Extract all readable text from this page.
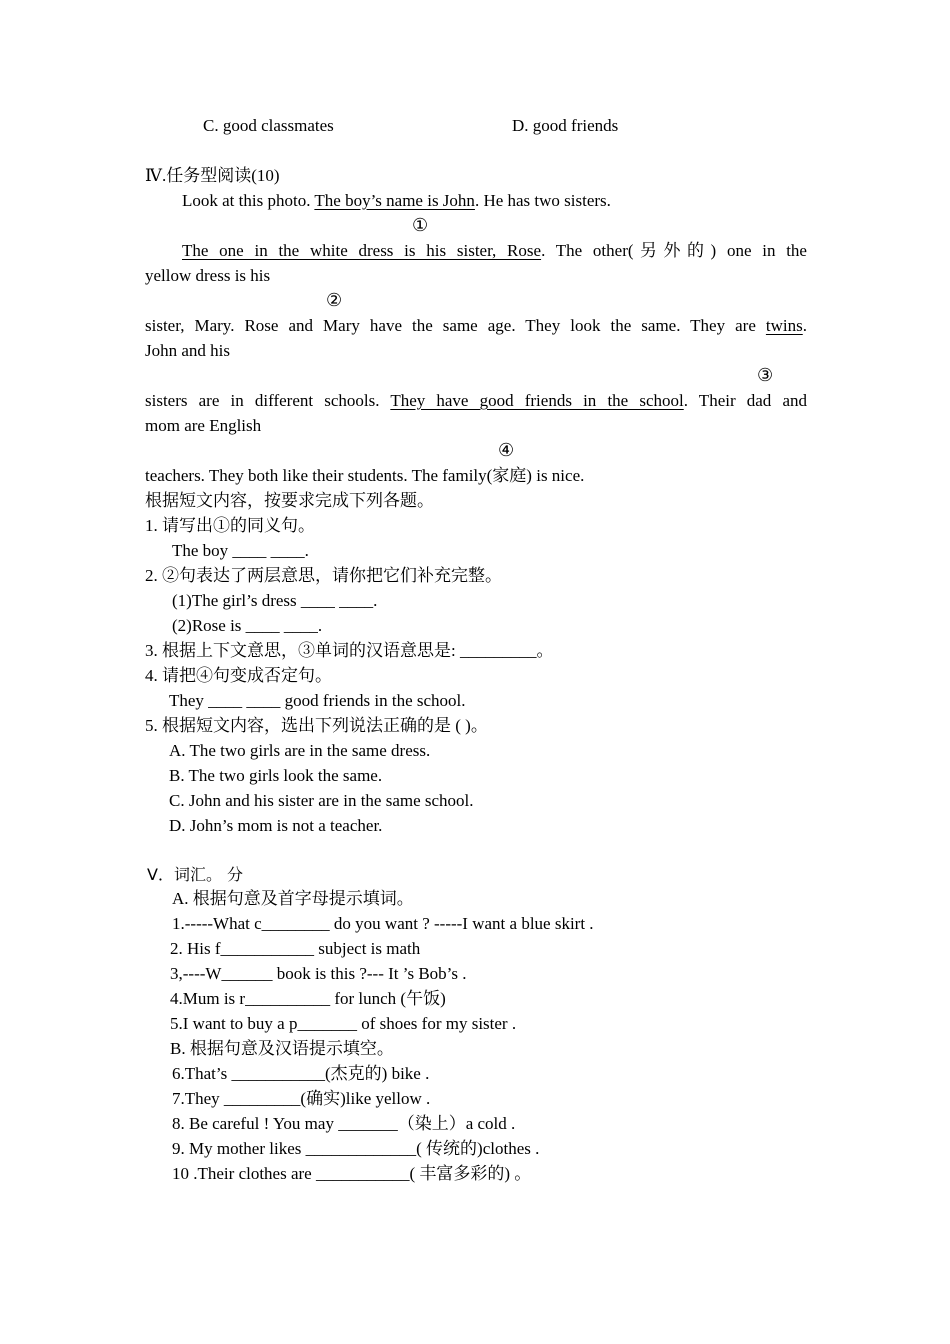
C. good classmates	D. good friends
Ⅳ.任务型阅读(10)
Look at this photo. The boy’s name is John. He has two sisters.
①
The one in the white dress is his sister, Rose. The other(另外的) one in the
yellow dress is his
②
sister, Mary. Rose and Mary have the same age. They look the same. They are twins.
John and his
③
sisters are in different schools. They have good friends in the school. Their dad and
mom are English
④
teachers. They both like their students. The family(家庭) is nice.
根据短文内容，按要求完成下列各题。
1. 请写出①的同义句。
The boy ____ ____.
2. ②句表达了两层意思，请你把它们补充完整。
(1)The girl’s dress ____ ____.
(2)Rose is ____ ____.
3. 根据上下文意思，③单词的汉语意思是: _________。
4. 请把④句变成否定句。
They ____ ____ good friends in the school.
5. 根据短文内容，选出下列说法正确的是 ( )。
A. The two girls are in the same dress.
B. The two girls look the same.
C. John and his sister are in the same school.
D. John’s mom is not a teacher.
V．词汇。 分
A. 根据句意及首字母提示填词。
1.-----What c________ do you want ? -----I want a blue skirt .
2. His f___________ subject is math
3,----W______ book is this ?--- It ’s Bob’s .
4.Mum is r__________ for lunch (午饭)
5.I want to buy a p_______ of shoes for my sister .
B. 根据句意及汉语提示填空。
6.That’s ___________(杰克的) bike .
7.They _________(确实)like yellow .
8. Be careful ! You may _______（染上）a cold .
9. My mother likes _____________( 传统的)clothes .
10 .Their clothes are ___________( 丰富多彩的) 。
